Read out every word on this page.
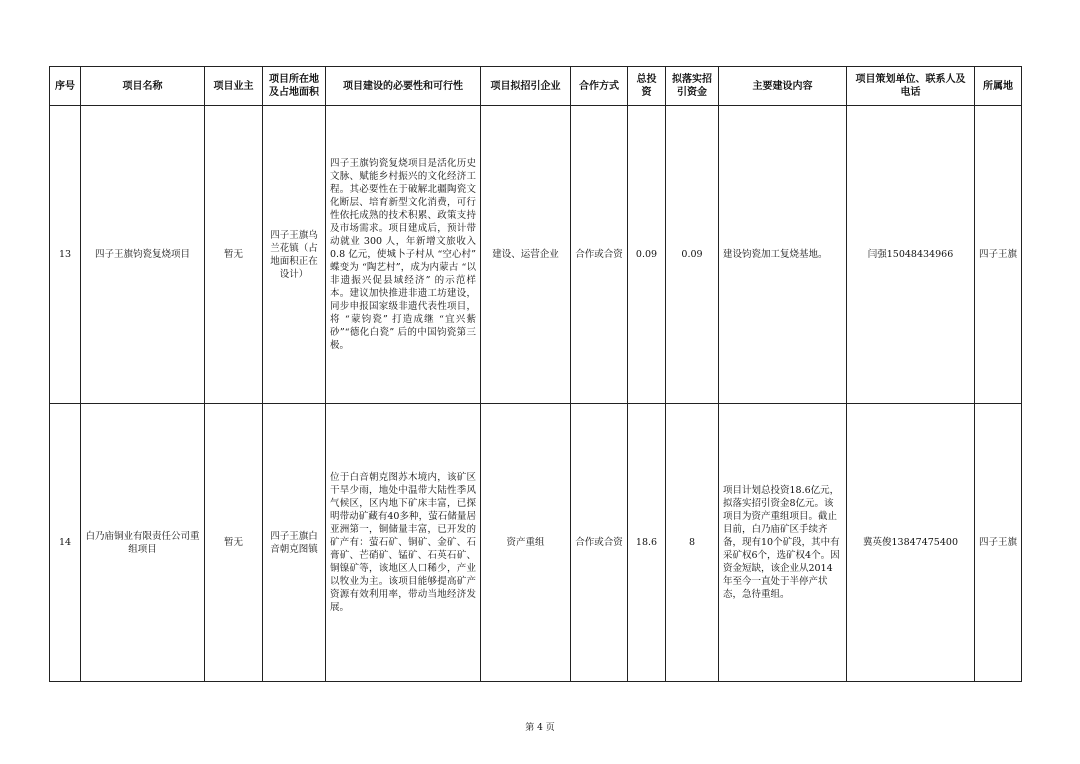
序号	项目名称	项目业主	项目所在地及占地面积	项目建设的必要性和可行性	项目拟招引企业	合作方式	总投资	拟落实招引资金	主要建设内容	项目策划单位、联系人及电话	所属地
13	四子王旗钧瓷复烧项目	暂无	四子王旗乌兰花镇（占地面积正在设计）	四子王旗钧瓷复烧项目是活化历史文脉、赋能乡村振兴的文化经济工程。其必要性在于破解北疆陶瓷文化断层、培育新型文化消费，可行性依托成熟的技术积累、政策支持及市场需求。项目建成后，预计带动就业 300 人，年新增文旅收入 0.8 亿元，使城卜子村从 “空心村” 蝶变为 “陶艺村”，成为内蒙古 “以非遗振兴促县域经济” 的示范样本。建议加快推进非遗工坊建设，同步申报国家级非遗代表性项目，将 “蒙钧瓷” 打造成继 “宜兴紫砂”“德化白瓷” 后的中国钧瓷第三极。	建设、运营企业	合作或合资	0.09	0.09	建设钧瓷加工复烧基地。	闫强15048434966	四子王旗
14	白乃庙铜业有限责任公司重组项目	暂无	四子王旗白音朝克图镇	位于白音朝克图苏木境内，该矿区干旱少雨，地处中温带大陆性季风气候区，区内地下矿床丰富，已探明带动矿藏有40多种，萤石储量居亚洲第一，铜储量丰富，已开发的矿产有：萤石矿、铜矿、金矿、石膏矿、芒硝矿、锰矿、石英石矿、铜镍矿等，该地区人口稀少，产业以牧业为主。该项目能够提高矿产资源有效利用率，带动当地经济发展。	资产重组	合作或合资	18.6	8	项目计划总投资18.6亿元，拟落实招引资金8亿元。该项目为资产重组项目。截止目前，白乃庙矿区手续齐备，现有10个矿段，其中有采矿权6个，选矿权4个。因资金短缺，该企业从2014年至今一直处于半停产状态，急待重组。	冀英俊13847475400	四子王旗
第 4 页
